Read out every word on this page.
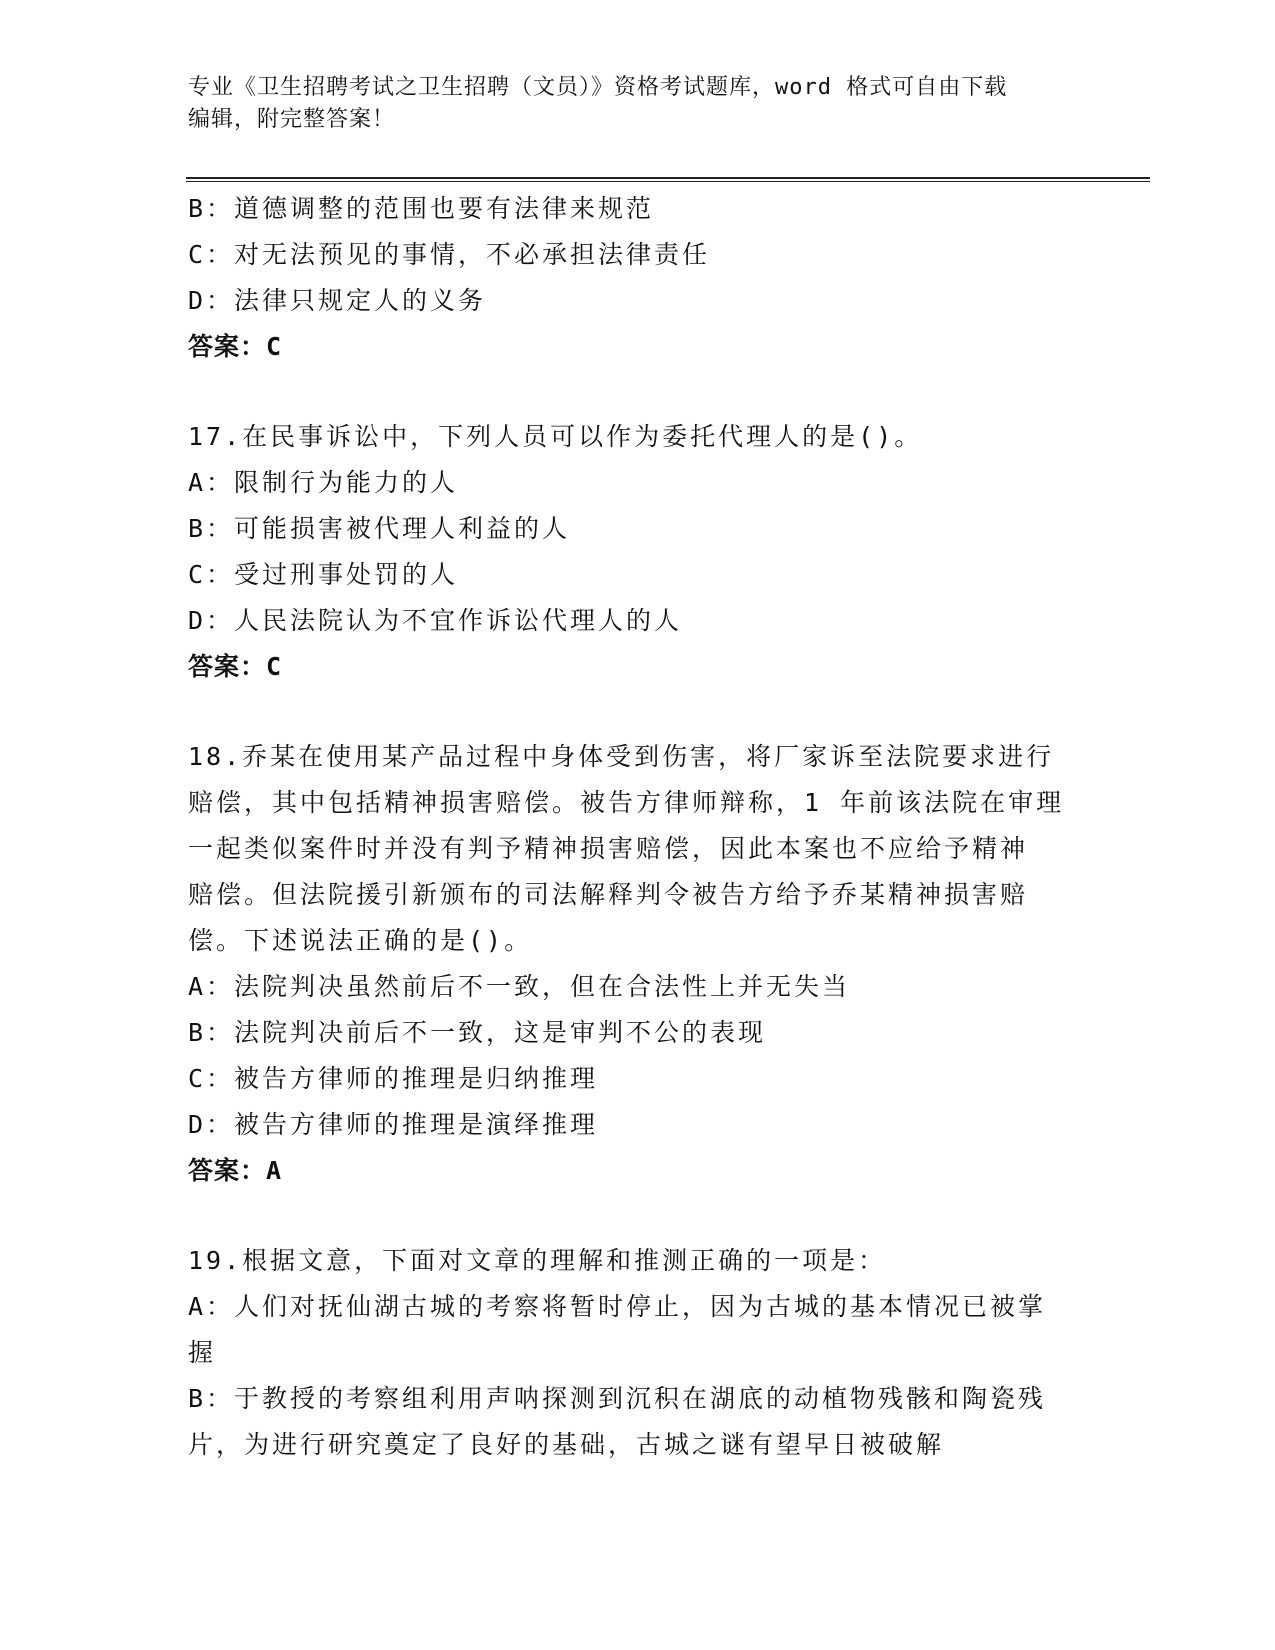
专业《卫生招聘考试之卫生招聘（文员）》资格考试题库，word 格式可自由下载
编辑，附完整答案！
B：道德调整的范围也要有法律来规范
C：对无法预见的事情，不必承担法律责任
D：法律只规定人的义务
答案：C
17.在民事诉讼中，下列人员可以作为委托代理人的是()。
A：限制行为能力的人
B：可能损害被代理人利益的人
C：受过刑事处罚的人
D：人民法院认为不宜作诉讼代理人的人
答案：C
18.乔某在使用某产品过程中身体受到伤害，将厂家诉至法院要求进行
赔偿，其中包括精神损害赔偿。被告方律师辩称，1 年前该法院在审理
一起类似案件时并没有判予精神损害赔偿，因此本案也不应给予精神
赔偿。但法院援引新颁布的司法解释判令被告方给予乔某精神损害赔
偿。下述说法正确的是()。
A：法院判决虽然前后不一致，但在合法性上并无失当
B：法院判决前后不一致，这是审判不公的表现
C：被告方律师的推理是归纳推理
D：被告方律师的推理是演绎推理
答案：A
19.根据文意，下面对文章的理解和推测正确的一项是：
A：人们对抚仙湖古城的考察将暂时停止，因为古城的基本情况已被掌
握
B：于教授的考察组利用声呐探测到沉积在湖底的动植物残骸和陶瓷残
片，为进行研究奠定了良好的基础，古城之谜有望早日被破解
